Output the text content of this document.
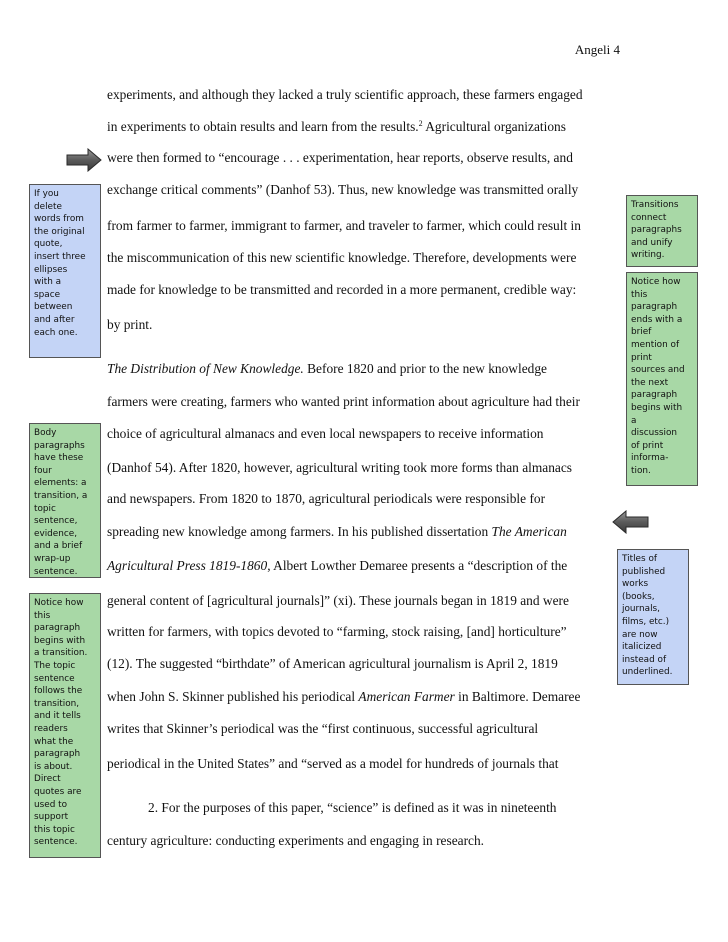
Angeli 4
experiments, and although they lacked a truly scientific approach, these farmers engaged
in experiments to obtain results and learn from the results.$^2$ Agricultural organizations
were then formed to “encourage . . . experimentation, hear reports, observe results, and
exchange critical comments” (Danhof 53). Thus, new knowledge was transmitted orally
from farmer to farmer, immigrant to farmer, and traveler to farmer, which could result in
the miscommunication of this new scientific knowledge. Therefore, developments were
made for knowledge to be transmitted and recorded in a more permanent, credible way:
by print.
The Distribution of New Knowledge. Before 1820 and prior to the new knowledge
farmers were creating, farmers who wanted print information about agriculture had their
choice of agricultural almanacs and even local newspapers to receive information
(Danhof 54). After 1820, however, agricultural writing took more forms than almanacs
and newspapers. From 1820 to 1870, agricultural periodicals were responsible for
spreading new knowledge among farmers. In his published dissertation The American
Agricultural Press 1819-1860, Albert Lowther Demaree presents a “description of the
general content of [agricultural journals]” (xi). These journals began in 1819 and were
written for farmers, with topics devoted to “farming, stock raising, [and] horticulture”
(12). The suggested “birthdate” of American agricultural journalism is April 2, 1819
when John S. Skinner published his periodical American Farmer in Baltimore. Demaree
writes that Skinner’s periodical was the “first continuous, successful agricultural
periodical in the United States” and “served as a model for hundreds of journals that
2. For the purposes of this paper, “science” is defined as it was in nineteenth
century agriculture: conducting experiments and engaging in research.
If you
delete
words from
the original
quote,
insert three
ellipses
with a
space
between
and after
each one.
Body
paragraphs
have these
four
elements: a
transition, a
topic
sentence,
evidence,
and a brief
wrap-up
sentence.
Notice how
this
paragraph
begins with
a transition.
The topic
sentence
follows the
transition,
and it tells
readers
what the
paragraph
is about.
Direct
quotes are
used to
support
this topic
sentence.
Transitions
connect
paragraphs
and unify
writing.
Notice how
this
paragraph
ends with a
brief
mention of
print
sources and
the next
paragraph
begins with
a
discussion
of print
informa-
tion.
Titles of
published
works
(books,
journals,
films, etc.)
are now
italicized
instead of
underlined.
